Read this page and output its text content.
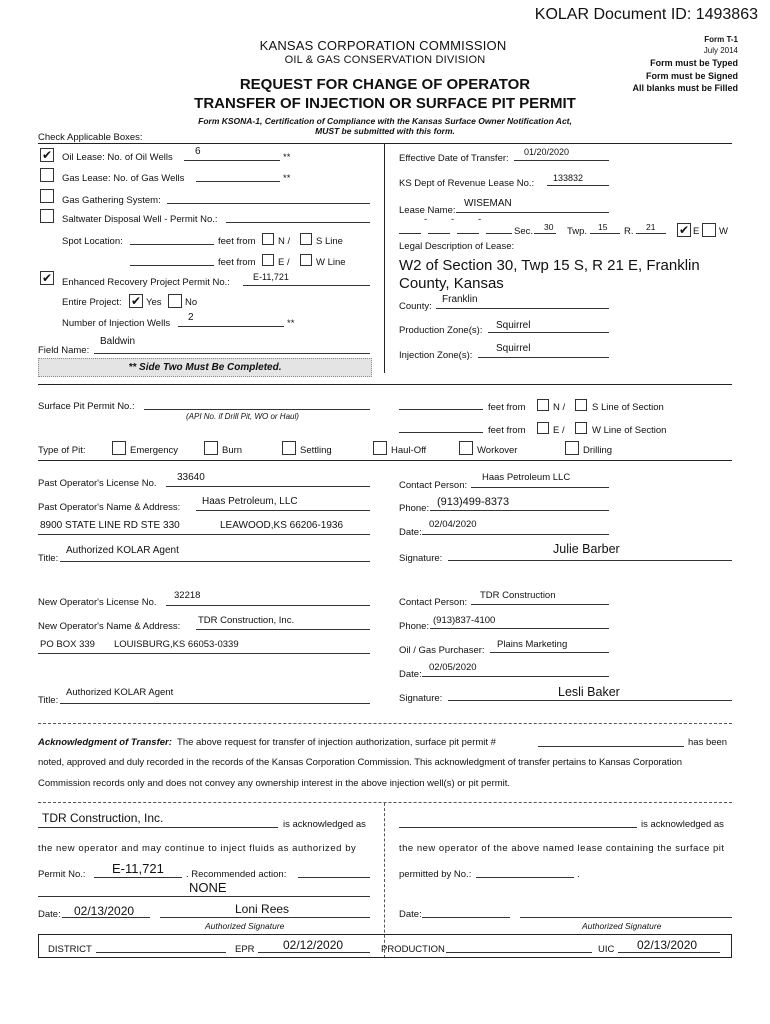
KOLAR Document ID: 1493863
KANSAS CORPORATION COMMISSION
OIL & GAS CONSERVATION DIVISION
Form T-1
July 2014
Form must be Typed
Form must be Signed
All blanks must be Filled
REQUEST FOR CHANGE OF OPERATOR
TRANSFER OF INJECTION OR SURFACE PIT PERMIT
Form KSONA-1, Certification of Compliance with the Kansas Surface Owner Notification Act,
MUST be submitted with this form.
Check Applicable Boxes:
✔ Oil Lease: No. of Oil Wells
6
**
Gas Lease: No. of Gas Wells	**
Gas Gathering System:
Saltwater Disposal Well - Permit No.:
Spot Location:	feet from N /	S Line
feet from E /	W Line
✔ Enhanced Recovery Project Permit No.:	E-11,721
Entire Project: ✔ Yes No
Number of Injection Wells
2
**
Field Name:
Baldwin
** Side Two Must Be Completed.
Effective Date of Transfer:
01/20/2020
KS Dept of Revenue Lease No.: 133832
Lease Name:
WISEMAN
-	-	-
Sec. 30 Twp. 15 R. 21 ✔ E W
Legal Description of Lease:
W2 of Section 30, Twp 15 S, R 21 E, Franklin
County, Kansas
County:
Franklin
Production Zone(s): Squirrel
Injection Zone(s):
Squirrel
Surface Pit Permit No.:
(API No. if Drill Pit, WO or Haul)
feet from	N /	S Line of Section
feet from	E /	W Line of Section
Type of Pit:	Emergency	Burn	Settling	Haul-Off	Workover	Drilling
Past Operator's License No.
33640
Past Operator's Name & Address:
Haas Petroleum, LLC
8900 STATE LINE RD STE 330	LEAWOOD,KS 66206-1936
Title:
Authorized KOLAR Agent
Contact Person:
Haas Petroleum LLC
Phone:
(913)499-8373
Date:
02/04/2020
Signature:
Julie Barber
New Operator's License No.
32218
New Operator's Name & Address:
TDR Construction, Inc.
PO BOX 339 LOUISBURG,KS 66053-0339
Title:
Authorized KOLAR Agent
Contact Person:
TDR Construction
Phone:
(913)837-4100
Oil / Gas Purchaser:
Plains Marketing
Date:
02/05/2020
Signature:	Lesli Baker
Acknowledgment of Transfer: The above request for transfer of injection authorization, surface pit permit #	has been
noted, approved and duly recorded in the records of the Kansas Corporation Commission. This acknowledgment of transfer pertains to Kansas Corporation
Commission records only and does not convey any ownership interest in the above injection well(s) or pit permit.
TDR Construction, Inc.	is acknowledged as	is acknowledged as
the new operator and may continue to inject fluids as authorized by	the new operator of the above named lease containing the surface pit
Permit No.: E-11,721 . Recommended action:
NONE
permitted by No.:	.
Date: 02/13/2020	Loni Rees
Authorized Signature
Date:
Authorized Signature
DISTRICT	EPR 02/12/2020	PRODUCTION	UIC 02/13/2020
